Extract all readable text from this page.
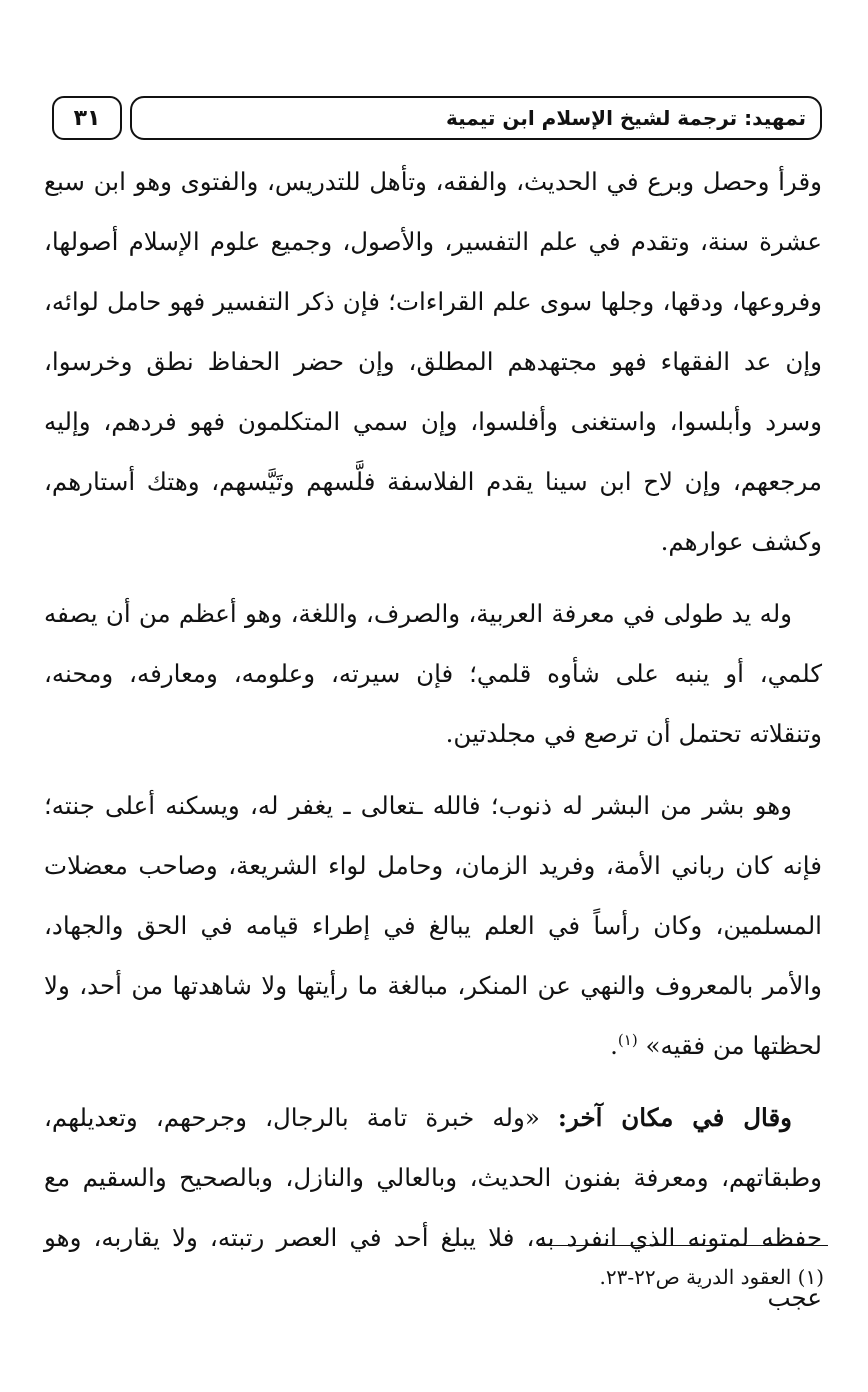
٣١	تمهيد: ترجمة لشيخ الإسلام ابن تيمية

وقرأ وحصل وبرع في الحديث، والفقه، وتأهل للتدريس، والفتوى وهو ابن سبع عشرة سنة، وتقدم في علم التفسير، والأصول، وجميع علوم الإسلام أصولها، وفروعها، ودقها، وجلها سوى علم القراءات؛ فإن ذكر التفسير فهو حامل لوائه، وإن عد الفقهاء فهو مجتهدهم المطلق، وإن حضر الحفاظ نطق وخرسوا، وسرد وأبلسوا، واستغنى وأفلسوا، وإن سمي المتكلمون فهو فردهم، وإليه مرجعهم، وإن لاح ابن سينا يقدم الفلاسفة فلَّسهم وتَيَّسهم، وهتك أستارهم، وكشف عوارهم.

وله يد طولى في معرفة العربية، والصرف، واللغة، وهو أعظم من أن يصفه كلمي، أو ينبه على شأوه قلمي؛ فإن سيرته، وعلومه، ومعارفه، ومحنه، وتنقلاته تحتمل أن ترصع في مجلدتين.

وهو بشر من البشر له ذنوب؛ فالله ـتعالى ـ يغفر له، ويسكنه أعلى جنته؛ فإنه كان رباني الأمة، وفريد الزمان، وحامل لواء الشريعة، وصاحب معضلات المسلمين، وكان رأساً في العلم يبالغ في إطراء قيامه في الحق والجهاد، والأمر بالمعروف والنهي عن المنكر، مبالغة ما رأيتها ولا شاهدتها من أحد، ولا لحظتها من فقيه» $^{(١)}$.

وقال في مكان آخر: «وله خبرة تامة بالرجال، وجرحهم، وتعديلهم، وطبقاتهم، ومعرفة بفنون الحديث، وبالعالي والنازل، وبالصحيح والسقيم مع حفظه لمتونه الذي انفرد به، فلا يبلغ أحد في العصر رتبته، ولا يقاربه، وهو عجب

(١) العقود الدرية ص٢٢-٢٣.
